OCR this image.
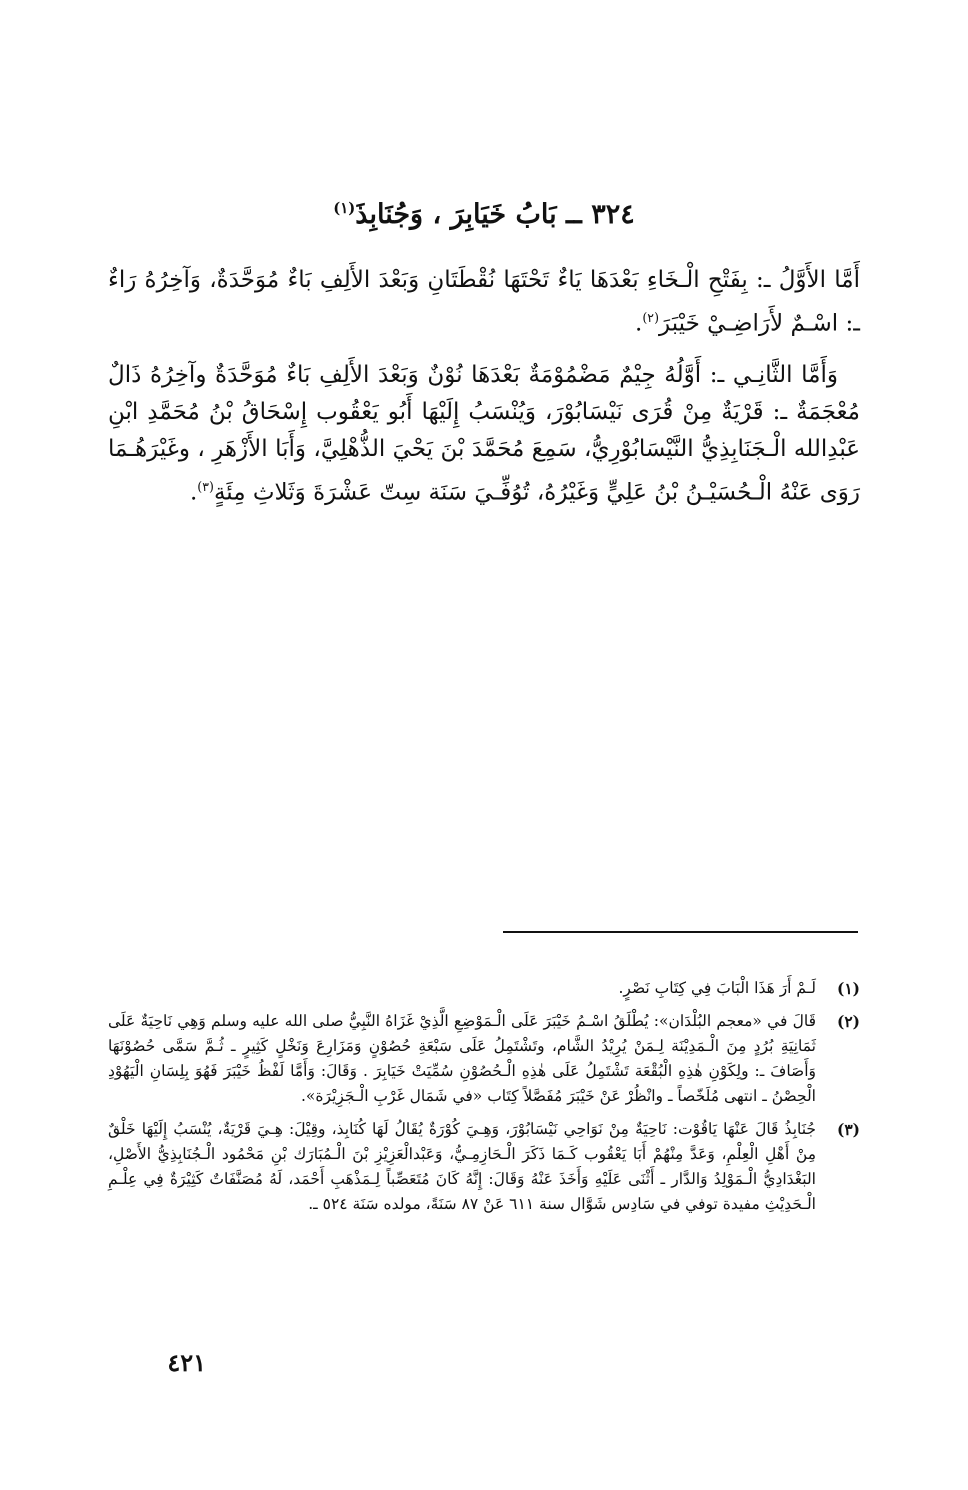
٣٢٤ ــ بَابُ خَيَابِرَ ، وَجُنَابِذَ$^{(١)}$

أَمَّا الأَوَّلُ ـ: بِفَتْحِ الْـخَاءِ بَعْدَهَا يَاءٌ تَحْتَهَا نُقْطَتَانِ وَبَعْدَ الأَلِفِ بَاءٌ مُوَحَّدَةٌ، وَآخِرُهُ رَاءٌ ـ: اسْـمٌ لأَرَاضِـيْ خَيْبَرَ$^{(٢)}$.

وَأَمَّا الثَّانِـي ـ: أَوَّلُهُ جِيْمٌ مَضْمُوْمَةٌ بَعْدَهَا نُوْنٌ وَبَعْدَ الأَلِفِ بَاءٌ مُوَحَّدَةٌ وآخِرُهُ ذَالٌ مُعْجَمَةٌ ـ: قَرْيَةٌ مِنْ قُرَى نَيْسَابُوْرَ، وَيُنْسَبُ إِلَيْهَا أَبُو يَعْقُوب إِسْحَاقُ بْنُ مُحَمَّدِ ابْنِ عَبْدِالله الْـجَنَابِذِيُّ النَّيْسَابُوْرِيُّ، سَمِعَ مُحَمَّدَ بْنَ يَحْيَ الذُّهْلِيَّ، وَأَبَا الأَزْهَرِ ، وغَيْرَهُـمَا رَوَى عَنْهُ الْـحُسَيْـنُ بْنُ عَلِيٍّ وَغَيْرُهُ، تُوُفِّـيَ سَنَة سِتّ عَشْرَةَ وَثَلاثِ مِئَةٍ$^{(٣)}$.

(١)
لَـمْ أَرَ هَذَا الْبَابَ فِي كِتَابِ نَصْرٍ.
(٢)
قَالَ في «معجم البُلْدَان»: يُطْلَقُ اسْـمُ خَيْبَرَ عَلَى الْـمَوْضِعِ الَّذِيْ غَزَاهُ النَّبِيُّ صلى الله عليه وسلم وَهِي نَاحِيَةٌ عَلَى ثَمَانِيَةِ بُرُدٍ مِنَ الْـمَدِيْنَة لِـمَنْ يُرِيْدُ الشَّام، وتَشْتَمِلُ عَلَى سَبْعَةِ حُصُوْنٍ وَمَزَارِعَ وَنَخْلٍ كَثِيرٍ ـ ثُـمَّ سَمَّى حُصُوْنَهَا وَأَصَافَ ـ: ولِكَوْنِ هٰذِهِ الْبُقْعَة تَشْتَمِلُ عَلَى هٰذِهِ الْـحُصُوْنِ سُمِّيَتْ خَيَابِرَ . وَقَالَ: وَأَمَّا لَفْظُ خَيْبَرَ فَهُوَ بِلِسَانِ الْيَهُوْدِ الْحِصْنُ ـ انتهى مُلَخّصاً ـ وانْظُرْ عَنْ خَيْبَرَ مُفَصَّلاً كِتَاب «في شَمَال غَرْبِ الْـجَزِيْرَة».
(٣)
جُنَابِذُ قَالَ عَنْهَا يَاقُوْت: نَاحِيَةٌ مِنْ نَوَاحِي نَيْسَابُوْرَ، وَهِـيَ كُوْرَةٌ يُقَالُ لَهَا كُنَابِذ، وقِيْلَ: هِـيَ قَرْيَةٌ، يُنْسَبُ إِلَيْهَا خَلْقٌ مِنْ أَهْلِ الْعِلْمِ، وَعَدَّ مِنْهُمْ أَبَا يَعْقُوب كَـمَا ذَكَرَ الْـحَازِمِـيُّ، وَعَبْدالْعَزِيْزِ بْنَ الْـمُبَارَك بْنِ مَحْمُود الْـجُنَابِذِيُّ الأَصْلِ، البَغْدَادِيُّ الْـمَوْلِدُ وَالدَّار ـ أَثْنَى عَلَيْهِ وَأَخَذَ عَنْهُ وَقَالَ: إِنَّهُ كَانَ مُتَعَصِّباً لِـمَذْهَبِ أَحْمَد، لَهُ مُصَنَّفَاتٌ كَثِيْرَةٌ فِي عِلْـمِ الْـحَدِيْثِ مفيدة توفي في سَادِس شَوَّال سنة ٦١١ عَنْ ٨٧ سَنَةً، مولده سَنَة ٥٢٤ ـ.
٤٢١
